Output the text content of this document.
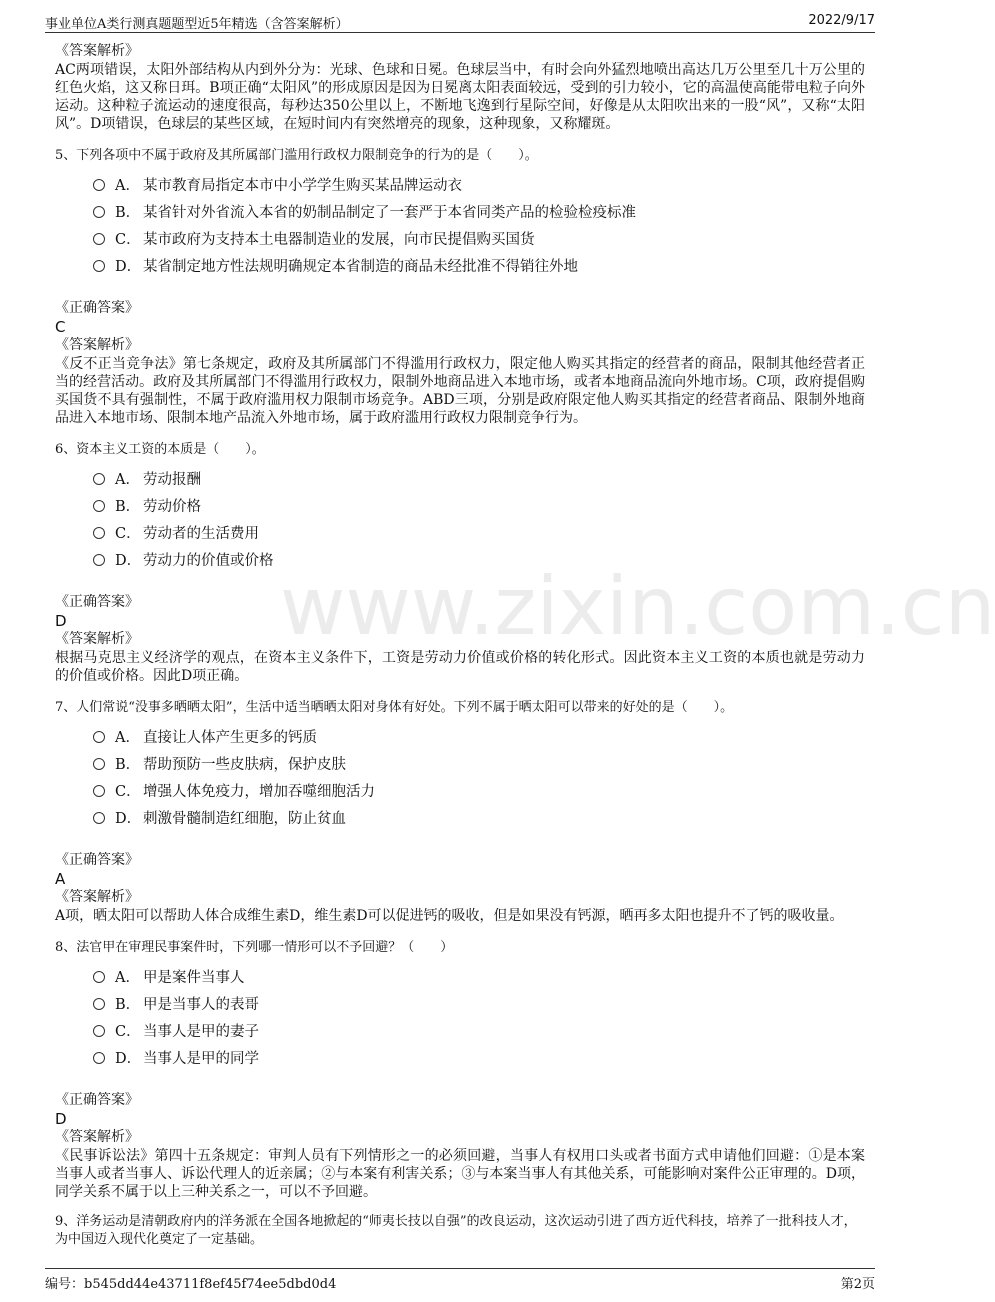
事业单位A类行测真题题型近5年精选（含答案解析）	2022/9/17
www.zixin.com.cn
《答案解析》
AC两项错误，太阳外部结构从内到外分为：光球、色球和日冕。色球层当中，有时会向外猛烈地喷出高达几万公里至几十万公里的红色火焰，这又称日珥。B项正确“太阳风”的形成原因是因为日冕离太阳表面较远，受到的引力较小，它的高温使高能带电粒子向外运动。这种粒子流运动的速度很高，每秒达350公里以上，不断地飞逸到行星际空间，好像是从太阳吹出来的一股“风”，又称“太阳风”。D项错误，色球层的某些区域，在短时间内有突然增亮的现象，这种现象，又称耀斑。
5、下列各项中不属于政府及其所属部门滥用行政权力限制竞争的行为的是（　　）。
A． 某市教育局指定本市中小学学生购买某品牌运动衣
B． 某省针对外省流入本省的奶制品制定了一套严于本省同类产品的检验检疫标准
C． 某市政府为支持本土电器制造业的发展，向市民提倡购买国货
D． 某省制定地方性法规明确规定本省制造的商品未经批准不得销往外地
《正确答案》
C
《答案解析》
《反不正当竞争法》第七条规定，政府及其所属部门不得滥用行政权力，限定他人购买其指定的经营者的商品，限制其他经营者正当的经营活动。政府及其所属部门不得滥用行政权力，限制外地商品进入本地市场，或者本地商品流向外地市场。C项，政府提倡购买国货不具有强制性，不属于政府滥用权力限制市场竞争。ABD三项，分别是政府限定他人购买其指定的经营者商品、限制外地商品进入本地市场、限制本地产品流入外地市场，属于政府滥用行政权力限制竞争行为。
6、资本主义工资的本质是（　　）。
A． 劳动报酬
B． 劳动价格
C． 劳动者的生活费用
D． 劳动力的价值或价格
《正确答案》
D
《答案解析》
根据马克思主义经济学的观点，在资本主义条件下，工资是劳动力价值或价格的转化形式。因此资本主义工资的本质也就是劳动力的价值或价格。因此D项正确。
7、人们常说“没事多晒晒太阳”，生活中适当晒晒太阳对身体有好处。下列不属于晒太阳可以带来的好处的是（　　）。
A． 直接让人体产生更多的钙质
B． 帮助预防一些皮肤病，保护皮肤
C． 增强人体免疫力，增加吞噬细胞活力
D． 刺激骨髓制造红细胞，防止贫血
《正确答案》
A
《答案解析》
A项，晒太阳可以帮助人体合成维生素D，维生素D可以促进钙的吸收，但是如果没有钙源，晒再多太阳也提升不了钙的吸收量。
8、法官甲在审理民事案件时，下列哪一情形可以不予回避？（　　）
A． 甲是案件当事人
B． 甲是当事人的表哥
C． 当事人是甲的妻子
D． 当事人是甲的同学
《正确答案》
D
《答案解析》
《民事诉讼法》第四十五条规定：审判人员有下列情形之一的必须回避，当事人有权用口头或者书面方式申请他们回避：①是本案当事人或者当事人、诉讼代理人的近亲属；②与本案有利害关系；③与本案当事人有其他关系，可能影响对案件公正审理的。D项，同学关系不属于以上三种关系之一，可以不予回避。
9、洋务运动是清朝政府内的洋务派在全国各地掀起的“师夷长技以自强”的改良运动，这次运动引进了西方近代科技，培养了一批科技人才，为中国迈入现代化奠定了一定基础。
编号：b545dd44e43711f8ef45f74ee5dbd0d4	第2页
